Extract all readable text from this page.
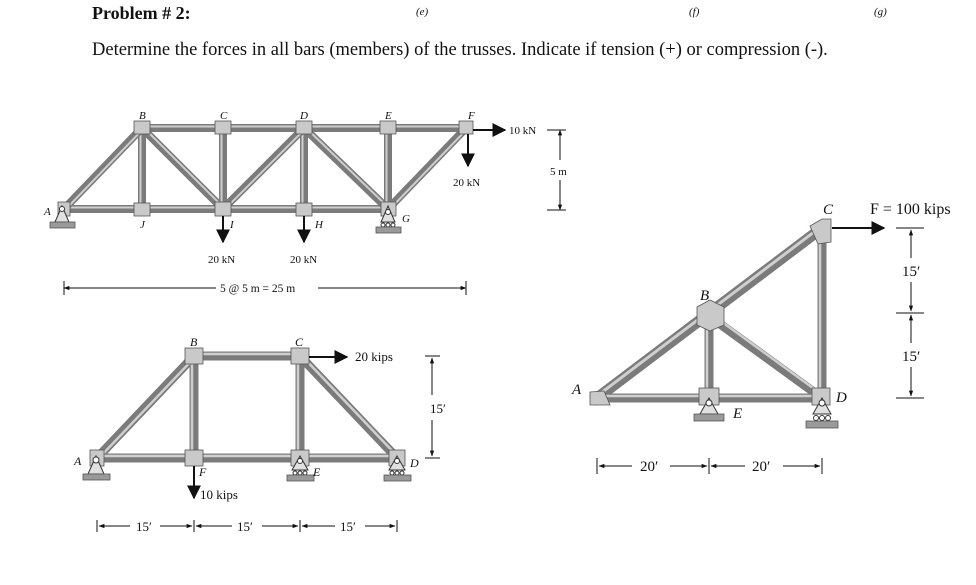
Problem # 2:
Determine the forces in all bars (members) of the trusses. Indicate if tension (+) or compression (-).
(e)	(f)	(g)
A
B	C	D	E	F
G
H
I
J
10 kN
20 kN
20 kN	20 kN
5 @ 5 m = 25 m
5 m
A
B	C
D
E
F
20 kips
10 kips
15′
15′	15′	15′
A
B
C
D
E
F = 100 kips
15′
15′
20′	20′
